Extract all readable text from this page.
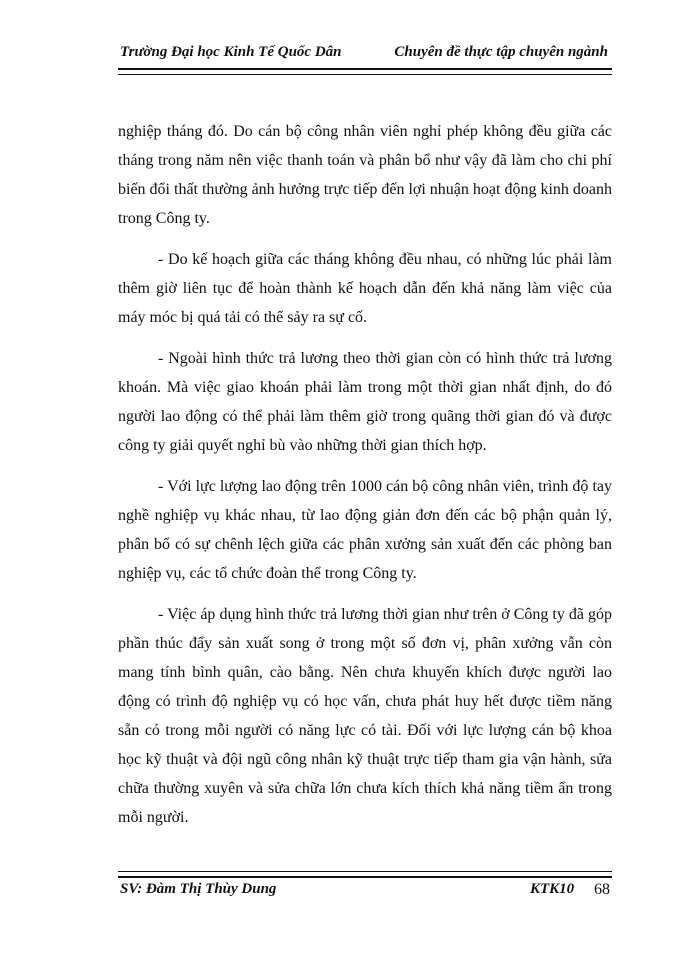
Trường Đại học Kinh Tế Quốc Dân	Chuyên đề thực tập chuyên ngành

nghiệp tháng đó. Do cán bộ công nhân viên nghỉ phép không đều giữa các tháng trong năm nên việc thanh toán và phân bổ như vậy đã làm cho chi phí biến đổi thất thường ảnh hưởng trực tiếp đến lợi nhuận hoạt động kinh doanh trong Công ty.

- Do kế hoạch giữa các tháng không đều nhau, có những lúc phải làm thêm giờ liên tục để hoàn thành kế hoạch dẫn đến khả năng làm việc của máy móc bị quá tải có thể sảy ra sự cố.

- Ngoài hình thức trả lương theo thời gian còn có hình thức trả lương khoán. Mà việc giao khoán phải làm trong một thời gian nhất định, do đó người lao động có thể phải làm thêm giờ trong quãng thời gian đó và được công ty giải quyết nghỉ bù vào những thời gian thích hợp.

- Với lực lượng lao động trên 1000 cán bộ công nhân viên, trình độ tay nghề nghiệp vụ khác nhau, từ lao động giản đơn đến các bộ phận quản lý, phân bổ có sự chênh lệch giữa các phân xưởng sản xuất đến các phòng ban nghiệp vụ, các tổ chức đoàn thể trong Công ty.

- Việc áp dụng hình thức trả lương thời gian như trên ở Công ty đã góp phần thúc đẩy sản xuất song ở trong một số đơn vị, phân xưởng vẫn còn mang tính bình quân, cào bằng. Nên chưa khuyến khích được người lao động có trình độ nghiệp vụ có học vấn, chưa phát huy hết được tiềm năng sẵn có trong mỗi người có năng lực có tài. Đối với lực lượng cán bộ khoa học kỹ thuật và đội ngũ công nhân kỹ thuật trực tiếp tham gia vận hành, sửa chữa thường xuyên và sửa chữa lớn chưa kích thích khả năng tiềm ẩn trong mỗi người.

SV: Đàm Thị Thùy Dung	KTK10 68
